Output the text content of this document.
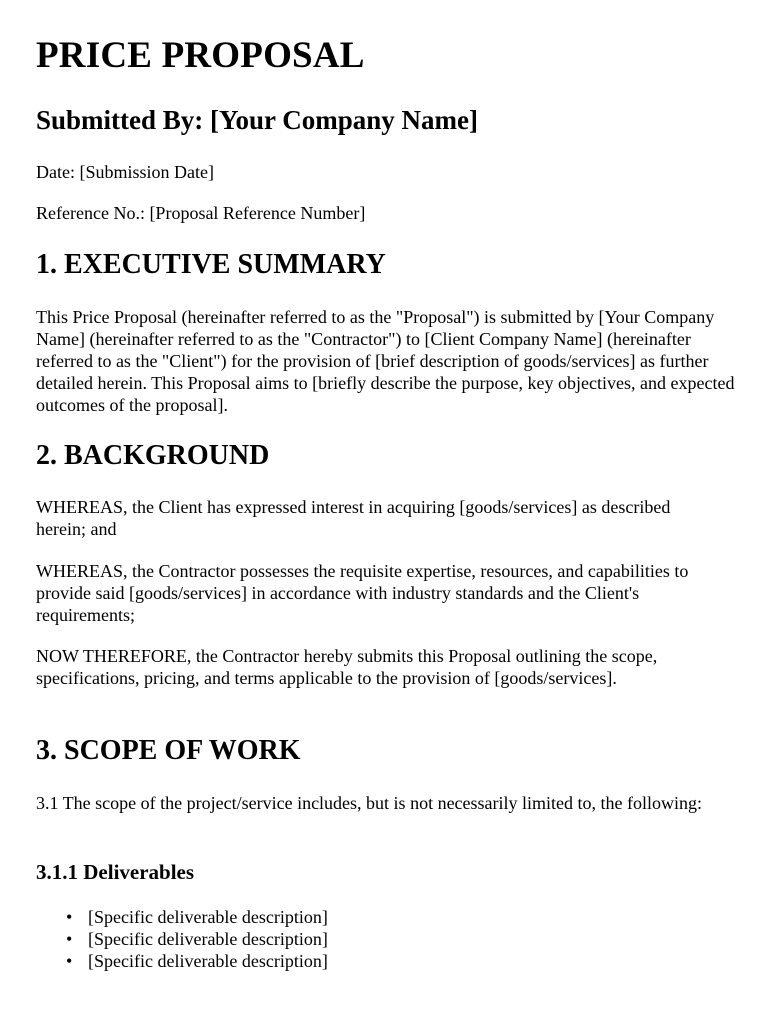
PRICE PROPOSAL
Submitted By: [Your Company Name]

Date: [Submission Date]

Reference No.: [Proposal Reference Number]

1. EXECUTIVE SUMMARY

This Price Proposal (hereinafter referred to as the "Proposal") is submitted by [Your Company Name] (hereinafter referred to as the "Contractor") to [Client Company Name] (hereinafter referred to as the "Client") for the provision of [brief description of goods/services] as further detailed herein. This Proposal aims to [briefly describe the purpose, key objectives, and expected outcomes of the proposal].

2. BACKGROUND

WHEREAS, the Client has expressed interest in acquiring [goods/services] as described herein; and

WHEREAS, the Contractor possesses the requisite expertise, resources, and capabilities to provide said [goods/services] in accordance with industry standards and the Client's requirements;

NOW THEREFORE, the Contractor hereby submits this Proposal outlining the scope, specifications, pricing, and terms applicable to the provision of [goods/services].

3. SCOPE OF WORK

3.1 The scope of the project/service includes, but is not necessarily limited to, the following:

3.1.1 Deliverables
• [Specific deliverable description]
• [Specific deliverable description]
• [Specific deliverable description]
